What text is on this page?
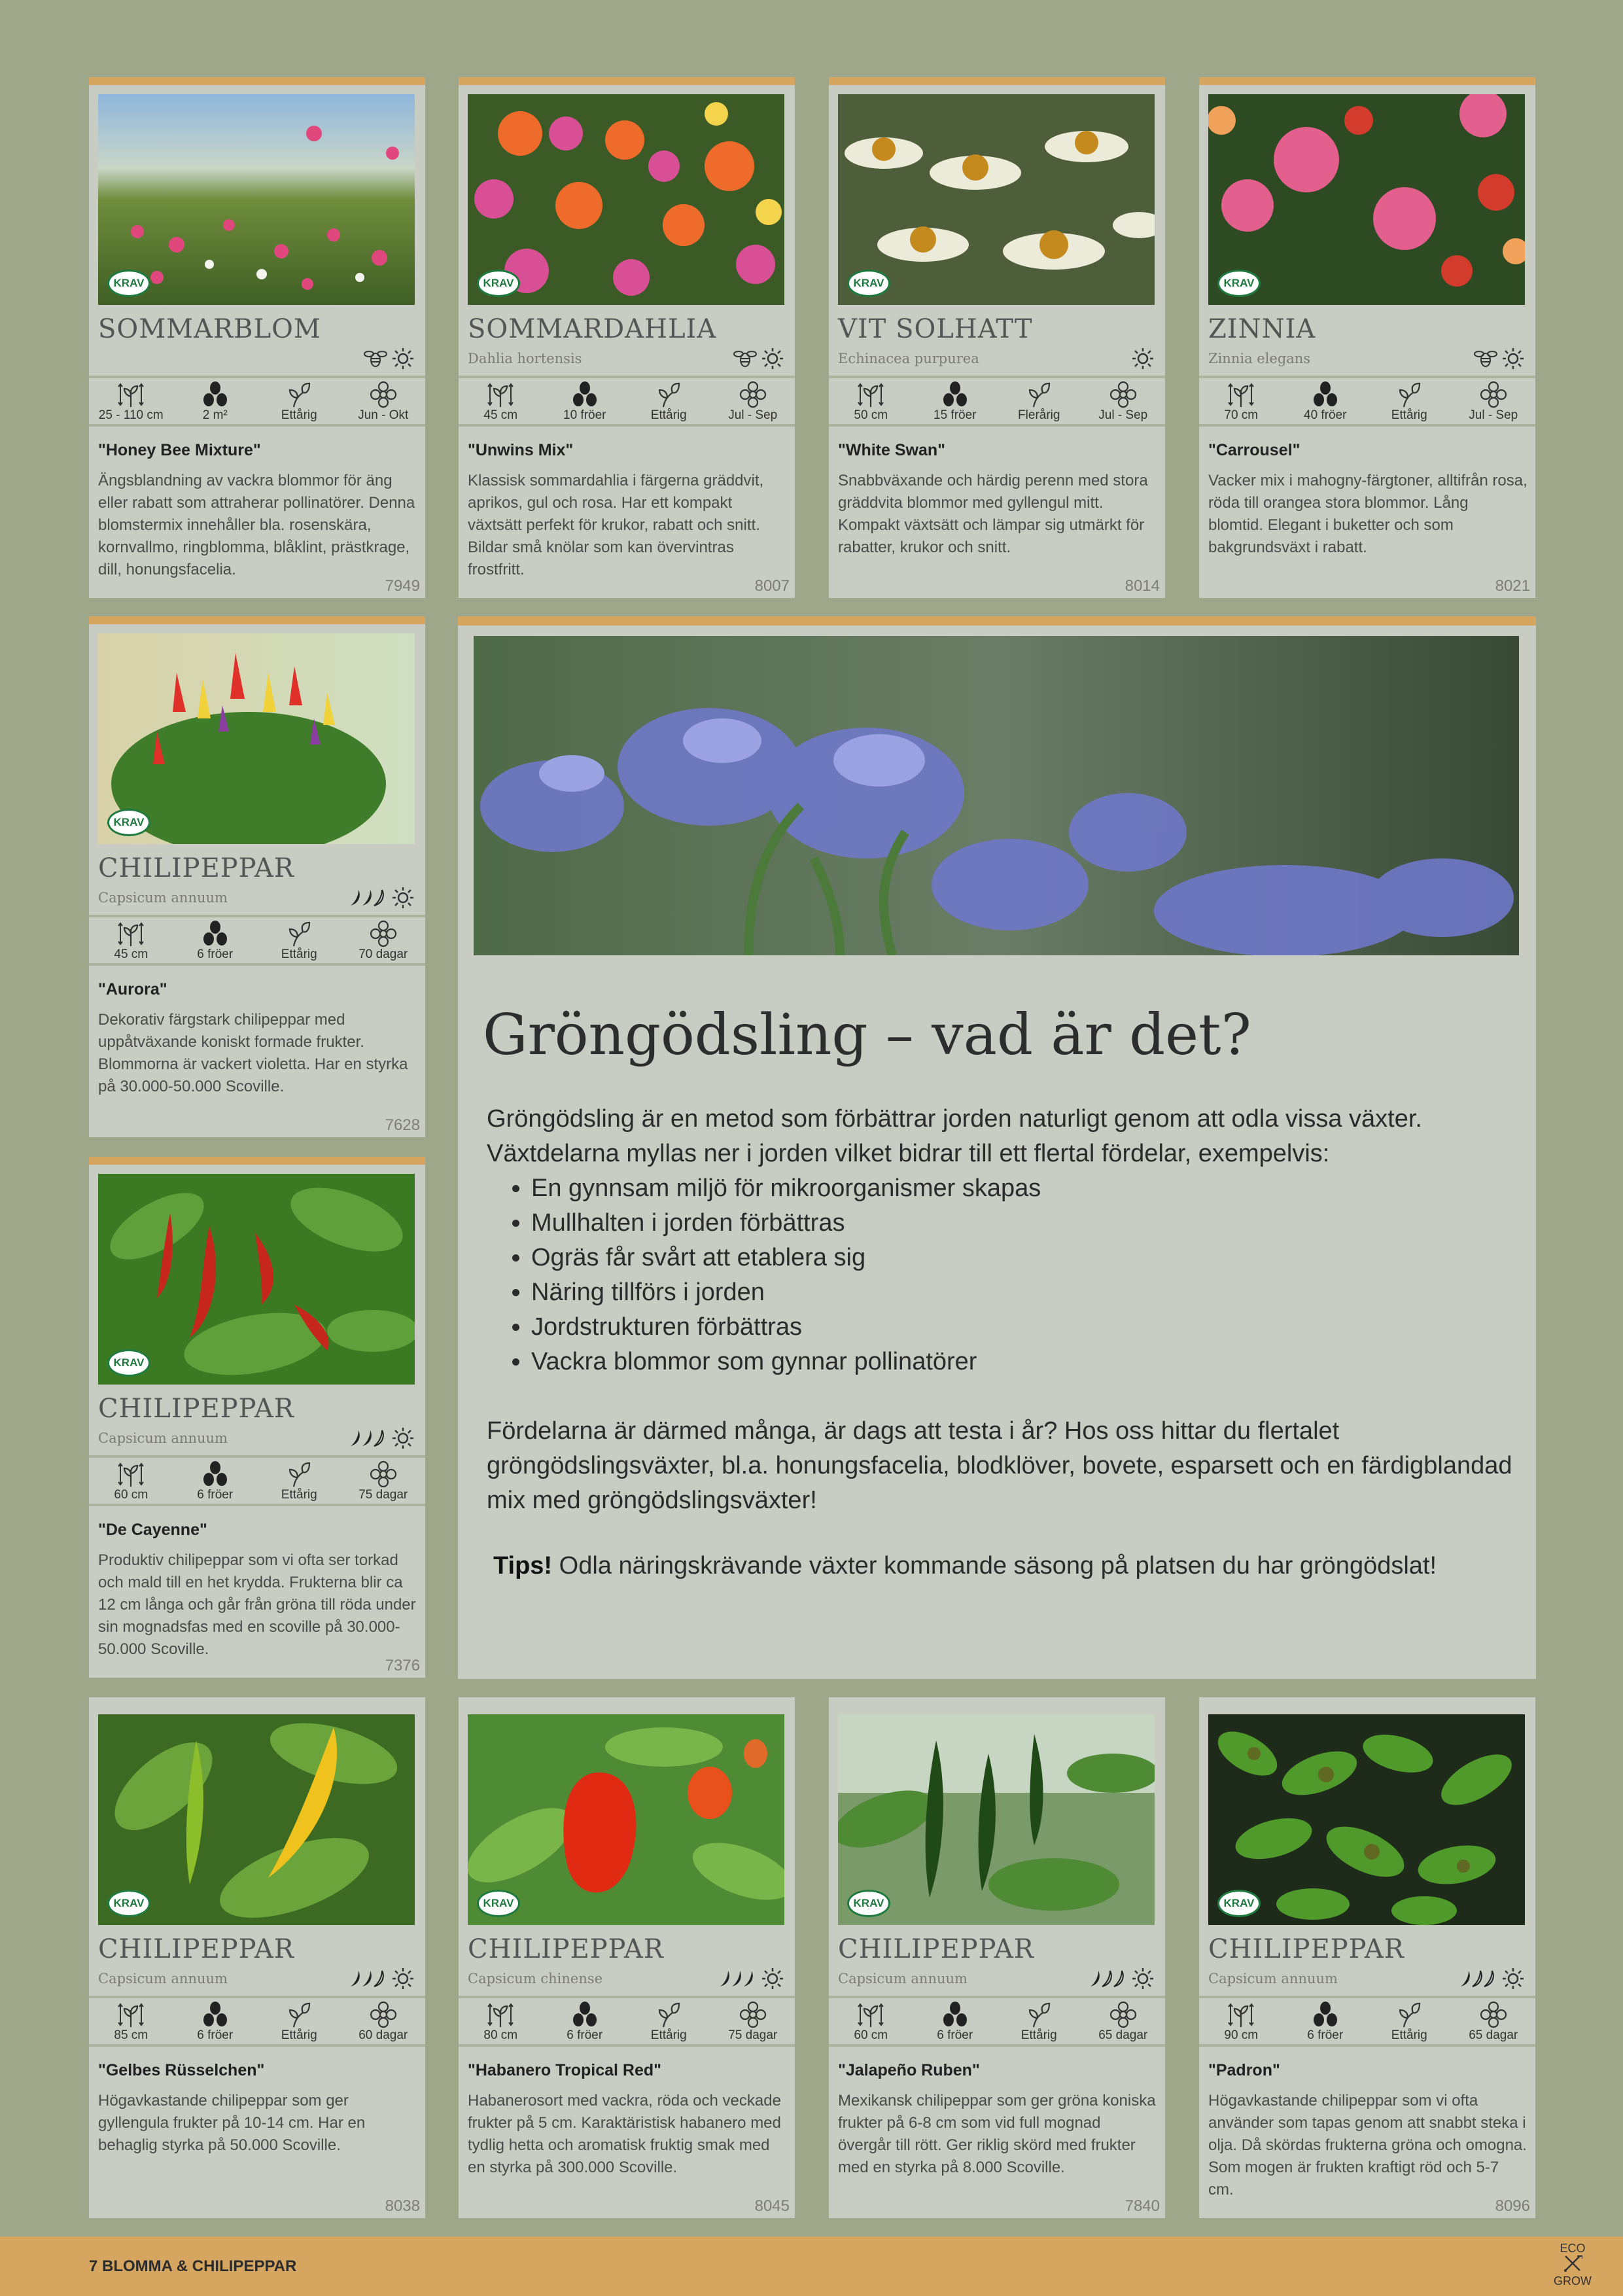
KRAV
SOMMARBLOM
25 - 110 cm	2 m²	Ettårig	Jun - Okt
"Honey Bee Mixture"
Ängsblandning av vackra blommor för äng eller rabatt som attraherar pollinatörer. Denna blomstermix innehåller bla. rosenskära, kornvallmo, ringblomma, blåklint, prästkrage, dill, honungsfacelia.
7949
KRAV
SOMMARDAHLIA
Dahlia hortensis
45 cm	10 fröer	Ettårig	Jul - Sep
"Unwins Mix"
Klassisk sommardahlia i färgerna gräddvit, aprikos, gul och rosa. Har ett kompakt växtsätt perfekt för krukor, rabatt och snitt. Bildar små knölar som kan övervintras frostfritt.
8007
KRAV
VIT SOLHATT
Echinacea purpurea
50 cm	15 fröer	Flerårig	Jul - Sep
"White Swan"
Snabbväxande och härdig perenn med stora gräddvita blommor med gyllengul mitt. Kompakt växtsätt och lämpar sig utmärkt för rabatter, krukor och snitt.
8014
KRAV
ZINNIA
Zinnia elegans
70 cm	40 fröer	Ettårig	Jul - Sep
"Carrousel"
Vacker mix i mahogny-färgtoner, alltifrån rosa, röda till orangea stora blommor. Lång blomtid. Elegant i buketter och som bakgrundsväxt i rabatt.
8021
KRAV
CHILIPEPPAR
Capsicum annuum
45 cm	6 fröer	Ettårig	70 dagar
"Aurora"
Dekorativ färgstark chilipeppar med uppåtväxande koniskt formade frukter. Blommorna är vackert violetta. Har en styrka på 30.000-50.000 Scoville.
7628
KRAV
CHILIPEPPAR
Capsicum annuum
60 cm	6 fröer	Ettårig	75 dagar
"De Cayenne"
Produktiv chilipeppar som vi ofta ser torkad och mald till en het krydda. Frukterna blir ca 12 cm långa och går från gröna till röda under sin mognadsfas med en scoville på 30.000-50.000 Scoville.
7376
Gröngödsling – vad är det?
Gröngödsling är en metod som förbättrar jorden naturligt genom att odla vissa växter. Växtdelarna myllas ner i jorden vilket bidrar till ett flertal fördelar, exempelvis:
• En gynnsam miljö för mikroorganismer skapas
• Mullhalten i jorden förbättras
• Ogräs får svårt att etablera sig
• Näring tillförs i jorden
• Jordstrukturen förbättras
• Vackra blommor som gynnar pollinatörer
Fördelarna är därmed många, är dags att testa i år? Hos oss hittar du flertalet gröngödslingsväxter, bl.a. honungsfacelia, blodklöver, bovete, esparsett och en färdigblandad mix med gröngödslingsväxter!
Tips! Odla näringskrävande växter kommande säsong på platsen du har gröngödslat!
KRAV
CHILIPEPPAR
Capsicum annuum
85 cm	6 fröer	Ettårig	60 dagar
"Gelbes Rüsselchen"
Högavkastande chilipeppar som ger gyllengula frukter på 10-14 cm. Har en behaglig styrka på 50.000 Scoville.
8038
KRAV
CHILIPEPPAR
Capsicum chinense
80 cm	6 fröer	Ettårig	75 dagar
"Habanero Tropical Red"
Habanerosort med vackra, röda och veckade frukter på 5 cm. Karaktäristisk habanero med tydlig hetta och aromatisk fruktig smak med en styrka på 300.000 Scoville.
8045
KRAV
CHILIPEPPAR
Capsicum annuum
60 cm	6 fröer	Ettårig	65 dagar
"Jalapeño Ruben"
Mexikansk chilipeppar som ger gröna koniska frukter på 6-8 cm som vid full mognad övergår till rött. Ger riklig skörd med frukter med en styrka på 8.000 Scoville.
7840
KRAV
CHILIPEPPAR
Capsicum annuum
90 cm	6 fröer	Ettårig	65 dagar
"Padron"
Högavkastande chilipeppar som vi ofta använder som tapas genom att snabbt steka i olja. Då skördas frukterna gröna och omogna. Som mogen är frukten kraftigt röd och 5-7 cm.
8096
7 BLOMMA & CHILIPEPPAR
ECO
GROW
